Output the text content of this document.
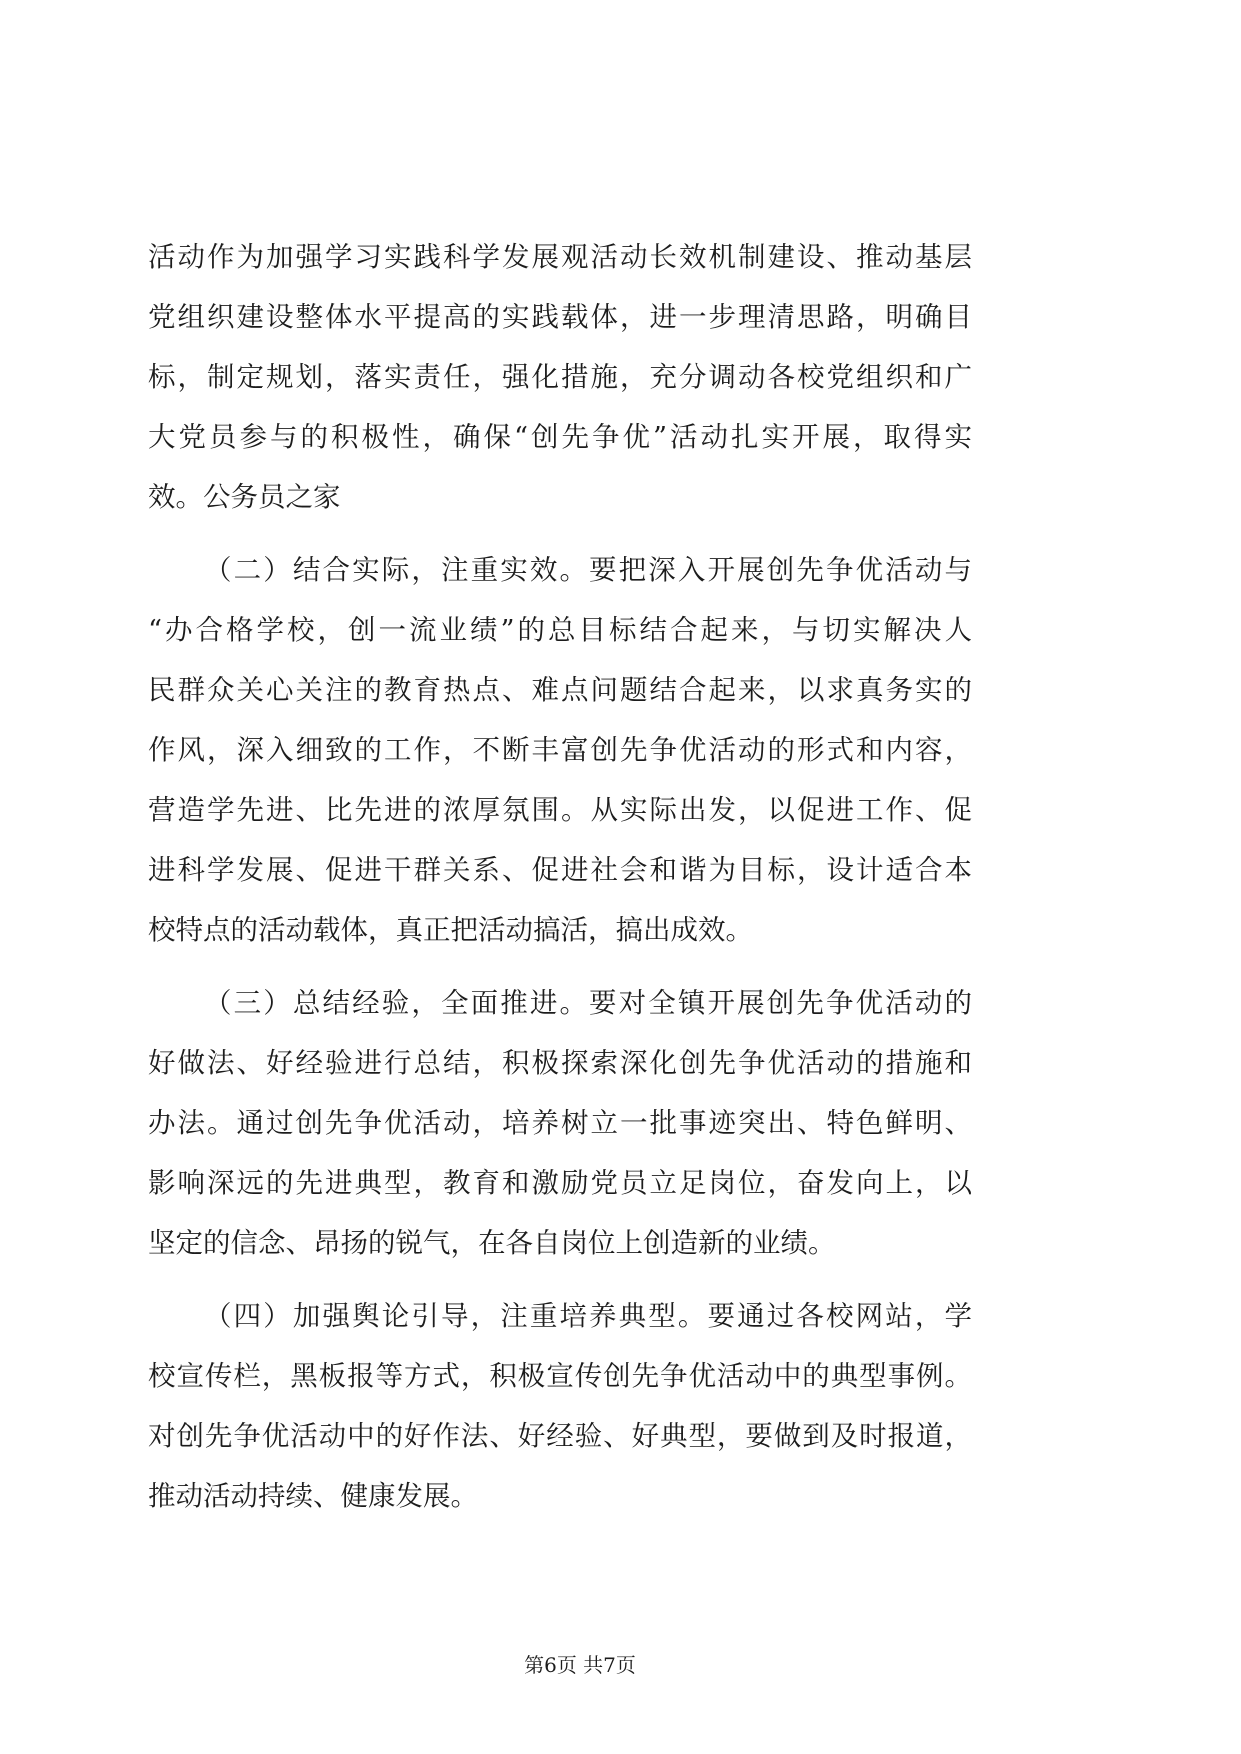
活动作为加强学习实践科学发展观活动长效机制建设、推动基层
党组织建设整体水平提高的实践载体，进一步理清思路，明确目
标，制定规划，落实责任，强化措施，充分调动各校党组织和广
大党员参与的积极性，确保“创先争优”活动扎实开展，取得实
效。公务员之家
（二）结合实际，注重实效。要把深入开展创先争优活动与
“办合格学校，创一流业绩”的总目标结合起来，与切实解决人
民群众关心关注的教育热点、难点问题结合起来，以求真务实的
作风，深入细致的工作，不断丰富创先争优活动的形式和内容，
营造学先进、比先进的浓厚氛围。从实际出发，以促进工作、促
进科学发展、促进干群关系、促进社会和谐为目标，设计适合本
校特点的活动载体，真正把活动搞活，搞出成效。
（三）总结经验，全面推进。要对全镇开展创先争优活动的
好做法、好经验进行总结，积极探索深化创先争优活动的措施和
办法。通过创先争优活动，培养树立一批事迹突出、特色鲜明、
影响深远的先进典型，教育和激励党员立足岗位，奋发向上，以
坚定的信念、昂扬的锐气，在各自岗位上创造新的业绩。
（四）加强舆论引导，注重培养典型。要通过各校网站，学
校宣传栏，黑板报等方式，积极宣传创先争优活动中的典型事例。
对创先争优活动中的好作法、好经验、好典型，要做到及时报道，
推动活动持续、健康发展。
第6页 共7页
